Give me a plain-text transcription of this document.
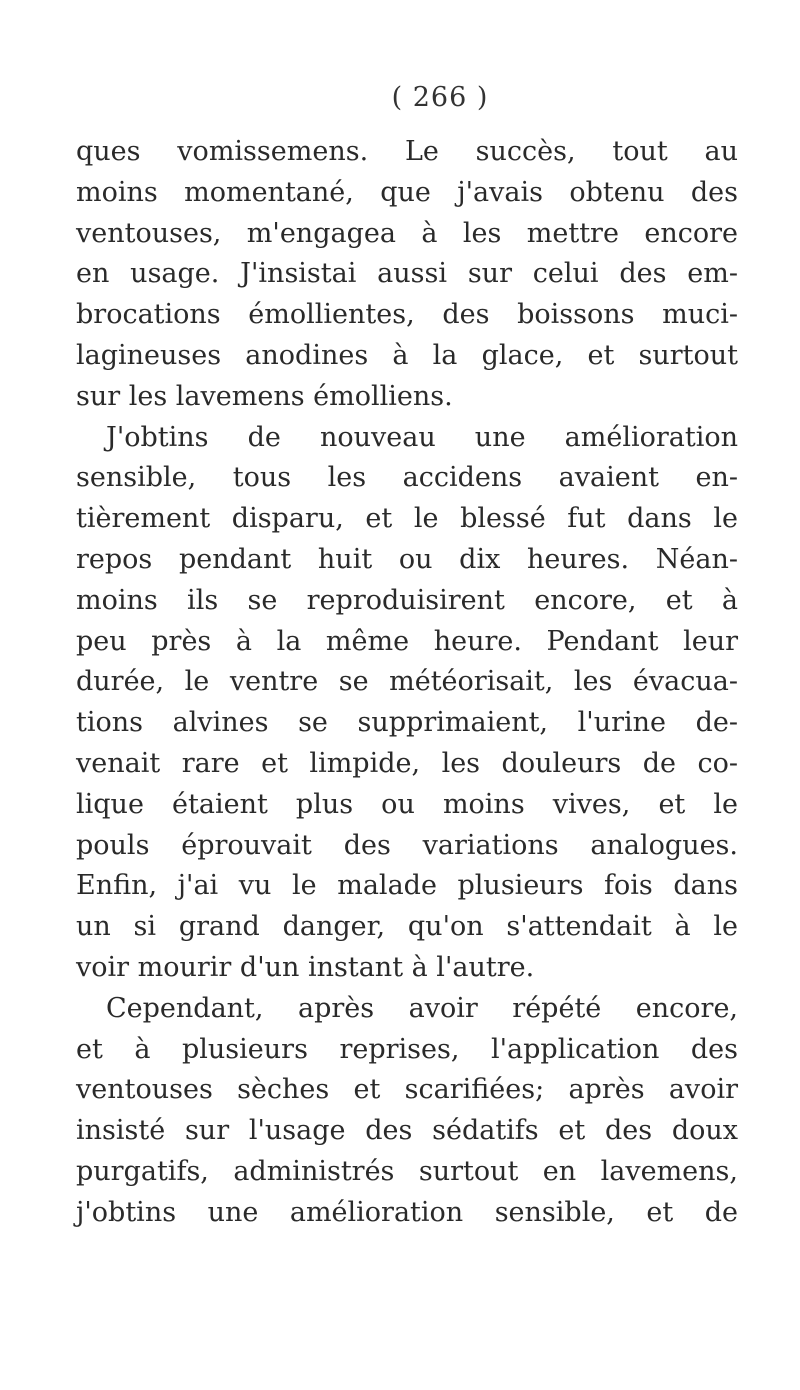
( 266 )
ques vomissemens. Le succès, tout au
moins momentané, que j'avais obtenu des
ventouses, m'engagea à les mettre encore
en usage. J'insistai aussi sur celui des em-
brocations émollientes, des boissons muci-
lagineuses anodines à la glace, et surtout
sur les lavemens émolliens.
J'obtins de nouveau une amélioration
sensible, tous les accidens avaient en-
tièrement disparu, et le blessé fut dans le
repos pendant huit ou dix heures. Néan-
moins ils se reproduisirent encore, et à
peu près à la même heure. Pendant leur
durée, le ventre se météorisait, les évacua-
tions alvines se supprimaient, l'urine de-
venait rare et limpide, les douleurs de co-
lique étaient plus ou moins vives, et le
pouls éprouvait des variations analogues.
Enfin, j'ai vu le malade plusieurs fois dans
un si grand danger, qu'on s'attendait à le
voir mourir d'un instant à l'autre.
Cependant, après avoir répété encore,
et à plusieurs reprises, l'application des
ventouses sèches et scarifiées; après avoir
insisté sur l'usage des sédatifs et des doux
purgatifs, administrés surtout en lavemens,
j'obtins une amélioration sensible, et de
